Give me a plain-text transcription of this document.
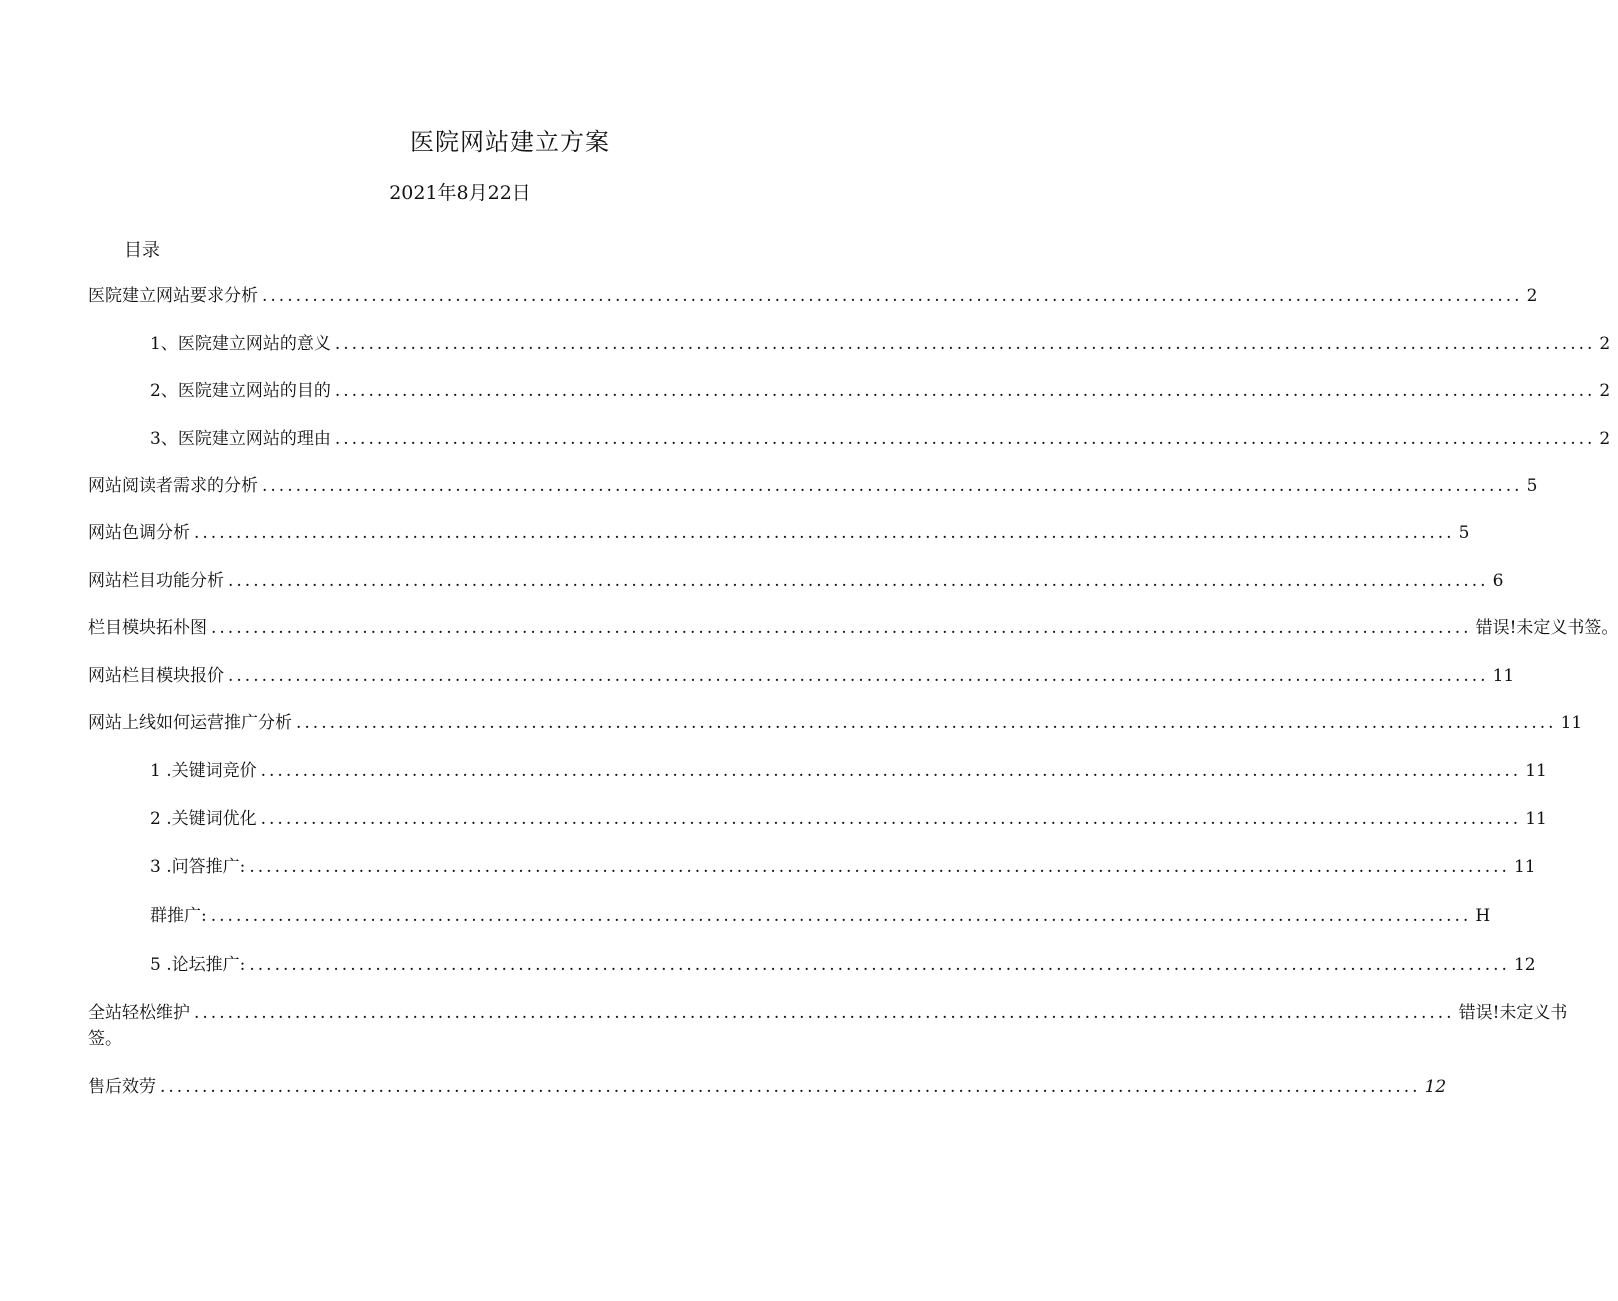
医院网站建立方案
2021年8月22日
目录
医院建立网站要求分析 ...................................................................................................................................................... 2
1、医院建立网站的意义 ...................................................................................................................................................... 2
2、医院建立网站的目的 ...................................................................................................................................................... 2
3、医院建立网站的理由 ...................................................................................................................................................... 2
网站阅读者需求的分析 ...................................................................................................................................................... 5
网站色调分析 ...................................................................................................................................................... 5
网站栏目功能分析 ...................................................................................................................................................... 6
栏目模块拓朴图 ...................................................................................................................................................... 错误!未定义书签。
网站栏目模块报价 ...................................................................................................................................................... 11
网站上线如何运营推广分析 ...................................................................................................................................................... 11
1 .关键词竞价 ...................................................................................................................................................... 11
2 .关键词优化 ...................................................................................................................................................... 11
3 .问答推广: ...................................................................................................................................................... 11
群推广: ...................................................................................................................................................... H
5 .论坛推广: ...................................................................................................................................................... 12
全站轻松维护 ...................................................................................................................................................... 错误!未定义书
签。
售后效劳 ...................................................................................................................................................... 12
